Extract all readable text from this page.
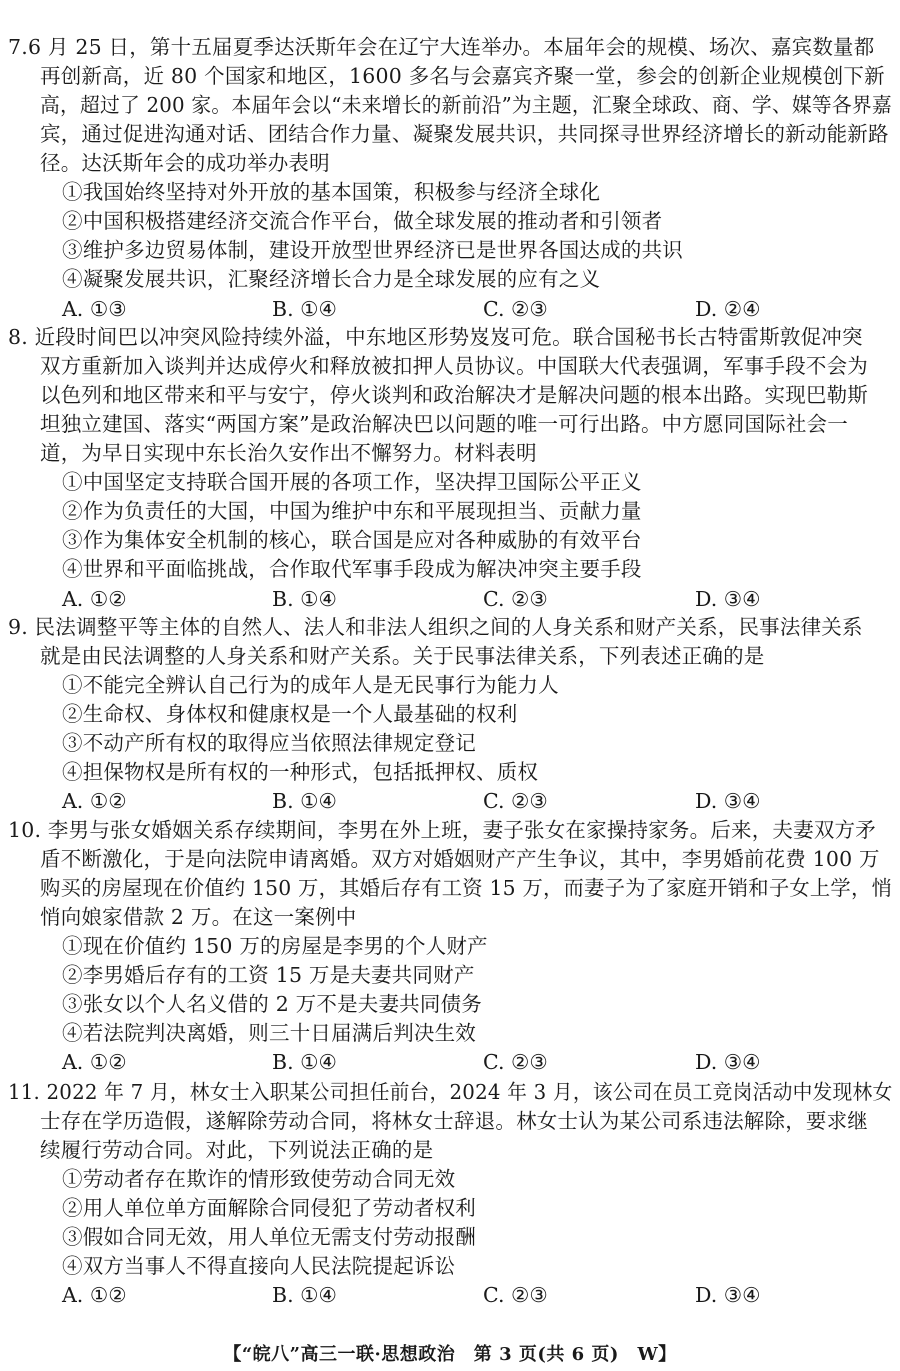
7.6 月 25 日，第十五届夏季达沃斯年会在辽宁大连举办。本届年会的规模、场次、嘉宾数量都
再创新高，近 80 个国家和地区，1600 多名与会嘉宾齐聚一堂，参会的创新企业规模创下新
高，超过了 200 家。本届年会以“未来增长的新前沿”为主题，汇聚全球政、商、学、媒等各界嘉
宾，通过促进沟通对话、团结合作力量、凝聚发展共识，共同探寻世界经济增长的新动能新路
径。达沃斯年会的成功举办表明
①我国始终坚持对外开放的基本国策，积极参与经济全球化
②中国积极搭建经济交流合作平台，做全球发展的推动者和引领者
③维护多边贸易体制，建设开放型世界经济已是世界各国达成的共识
④凝聚发展共识，汇聚经济增长合力是全球发展的应有之义
A. ①③	B. ①④	C. ②③	D. ②④
8. 近段时间巴以冲突风险持续外溢，中东地区形势岌岌可危。联合国秘书长古特雷斯敦促冲突
双方重新加入谈判并达成停火和释放被扣押人员协议。中国联大代表强调，军事手段不会为
以色列和地区带来和平与安宁，停火谈判和政治解决才是解决问题的根本出路。实现巴勒斯
坦独立建国、落实“两国方案”是政治解决巴以问题的唯一可行出路。中方愿同国际社会一
道，为早日实现中东长治久安作出不懈努力。材料表明
①中国坚定支持联合国开展的各项工作，坚决捍卫国际公平正义
②作为负责任的大国，中国为维护中东和平展现担当、贡献力量
③作为集体安全机制的核心，联合国是应对各种威胁的有效平台
④世界和平面临挑战，合作取代军事手段成为解决冲突主要手段
A. ①②	B. ①④	C. ②③	D. ③④
9. 民法调整平等主体的自然人、法人和非法人组织之间的人身关系和财产关系，民事法律关系
就是由民法调整的人身关系和财产关系。关于民事法律关系，下列表述正确的是
①不能完全辨认自己行为的成年人是无民事行为能力人
②生命权、身体权和健康权是一个人最基础的权利
③不动产所有权的取得应当依照法律规定登记
④担保物权是所有权的一种形式，包括抵押权、质权
A. ①②	B. ①④	C. ②③	D. ③④
10. 李男与张女婚姻关系存续期间，李男在外上班，妻子张女在家操持家务。后来，夫妻双方矛
盾不断激化，于是向法院申请离婚。双方对婚姻财产产生争议，其中，李男婚前花费 100 万
购买的房屋现在价值约 150 万，其婚后存有工资 15 万，而妻子为了家庭开销和子女上学，悄
悄向娘家借款 2 万。在这一案例中
①现在价值约 150 万的房屋是李男的个人财产
②李男婚后存有的工资 15 万是夫妻共同财产
③张女以个人名义借的 2 万不是夫妻共同债务
④若法院判决离婚，则三十日届满后判决生效
A. ①②	B. ①④	C. ②③	D. ③④
11. 2022 年 7 月，林女士入职某公司担任前台，2024 年 3 月，该公司在员工竞岗活动中发现林女
士存在学历造假，遂解除劳动合同，将林女士辞退。林女士认为某公司系违法解除，要求继
续履行劳动合同。对此，下列说法正确的是
①劳动者存在欺诈的情形致使劳动合同无效
②用人单位单方面解除合同侵犯了劳动者权利
③假如合同无效，用人单位无需支付劳动报酬
④双方当事人不得直接向人民法院提起诉讼
A. ①②	B. ①④	C. ②③	D. ③④
【“皖八”高三一联·思想政治　第 3 页(共 6 页)　W】
